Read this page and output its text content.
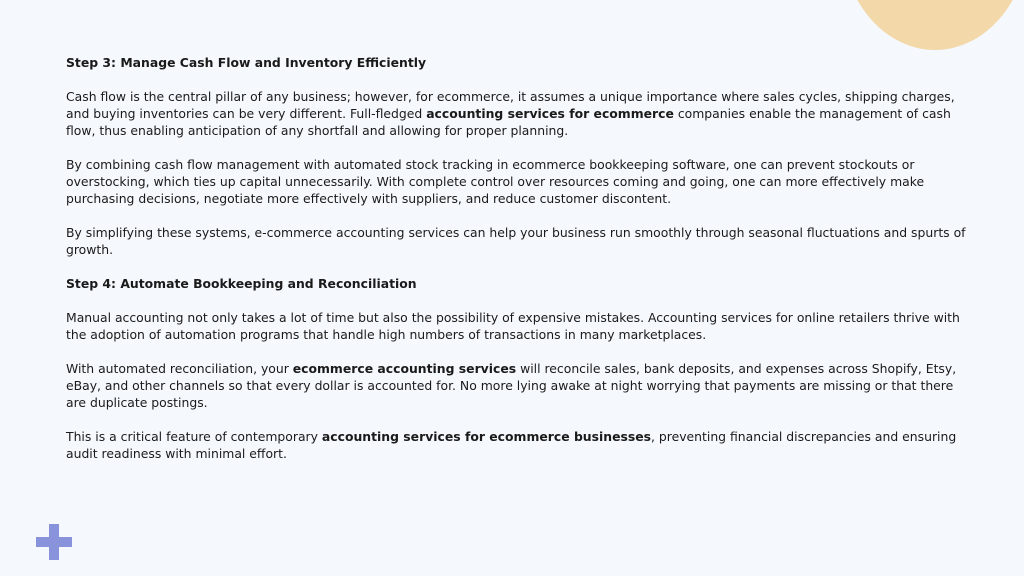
Step 3: Manage Cash Flow and Inventory Efficiently

Cash flow is the central pillar of any business; however, for ecommerce, it assumes a unique importance where sales cycles, shipping charges, and buying inventories can be very different. Full-fledged accounting services for ecommerce companies enable the management of cash flow, thus enabling anticipation of any shortfall and allowing for proper planning.

By combining cash flow management with automated stock tracking in ecommerce bookkeeping software, one can prevent stockouts or overstocking, which ties up capital unnecessarily. With complete control over resources coming and going, one can more effectively make purchasing decisions, negotiate more effectively with suppliers, and reduce customer discontent.

By simplifying these systems, e-commerce accounting services can help your business run smoothly through seasonal fluctuations and spurts of growth.

Step 4: Automate Bookkeeping and Reconciliation

Manual accounting not only takes a lot of time but also the possibility of expensive mistakes. Accounting services for online retailers thrive with the adoption of automation programs that handle high numbers of transactions in many marketplaces.

With automated reconciliation, your ecommerce accounting services will reconcile sales, bank deposits, and expenses across Shopify, Etsy, eBay, and other channels so that every dollar is accounted for. No more lying awake at night worrying that payments are missing or that there are duplicate postings.

This is a critical feature of contemporary accounting services for ecommerce businesses, preventing financial discrepancies and ensuring audit readiness with minimal effort.
